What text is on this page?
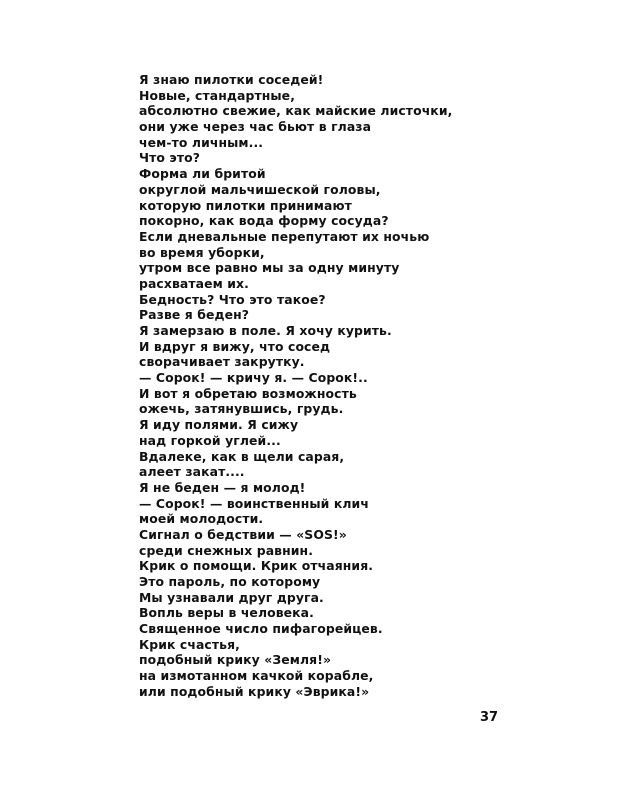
Я знаю пилотки соседей!
Новые, стандартные,
абсолютно свежие, как майские листочки,
они уже через час бьют в глаза
чем-то личным...
Что это?
Форма ли бритой
округлой мальчишеской головы,
которую пилотки принимают
покорно, как вода форму сосуда?
Если дневальные перепутают их ночью
во время уборки,
утром все равно мы за одну минуту
расхватаем их.
Бедность? Что это такое?
Разве я беден?
Я замерзаю в поле. Я хочу курить.
И вдруг я вижу, что сосед
сворачивает закрутку.
— Сорок! — кричу я. — Сорок!..
И вот я обретаю возможность
ожечь, затянувшись, грудь.
Я иду полями. Я сижу
над горкой углей...
Вдалеке, как в щели сарая,
алеет закат....
Я не беден — я молод!
— Сорок! — воинственный клич
моей молодости.
Сигнал о бедствии — «SOS!»
среди снежных равнин.
Крик о помощи. Крик отчаяния.
Это пароль, по которому
Мы узнавали друг друга.
Вопль веры в человека.
Священное число пифагорейцев.
Крик счастья,
подобный крику «Земля!»
на измотанном качкой корабле,
или подобный крику «Эврика!»
37
